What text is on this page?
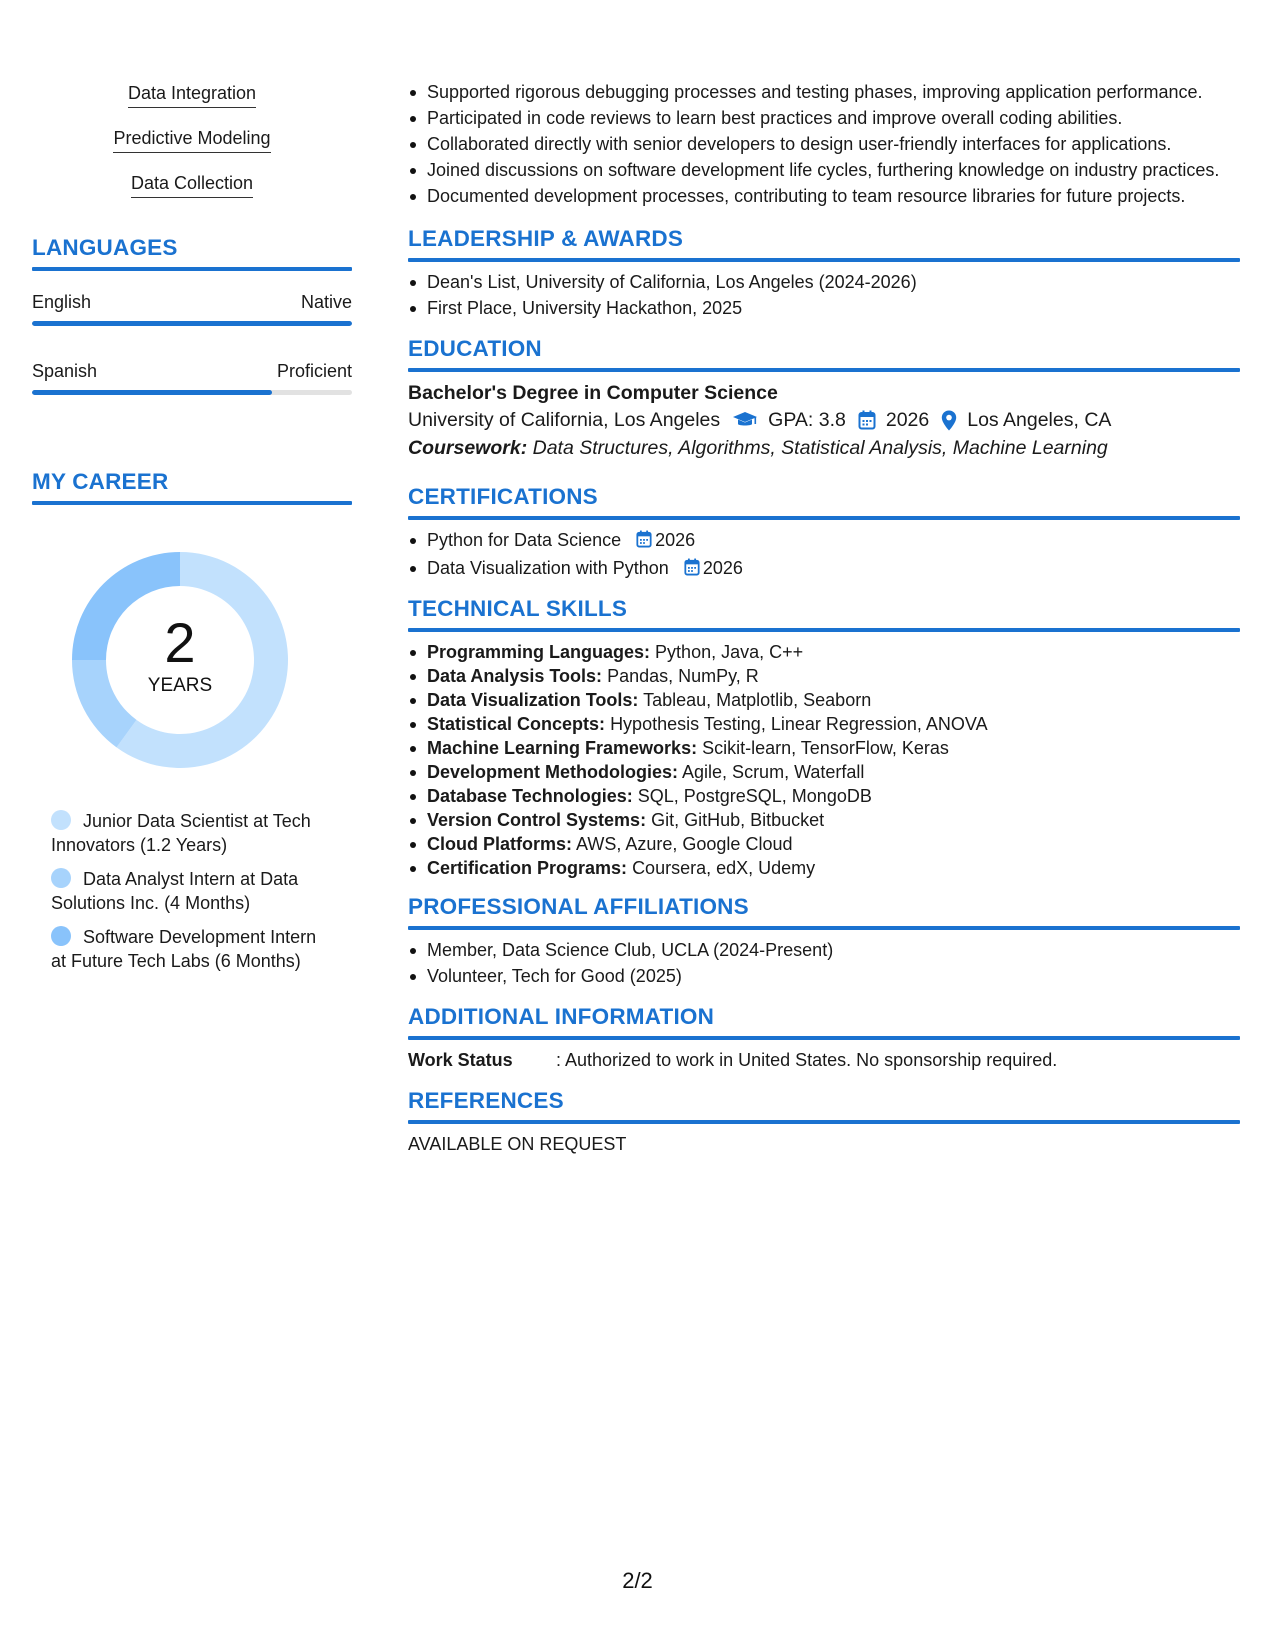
Data Integration
Predictive Modeling
Data Collection
LANGUAGES
English	Native
Spanish	Proficient
MY CAREER
2
YEARS
Junior Data Scientist at Tech Innovators (1.2 Years)
Data Analyst Intern at Data Solutions Inc. (4 Months)
Software Development Intern at Future Tech Labs (6 Months)
Supported rigorous debugging processes and testing phases, improving application performance.
Participated in code reviews to learn best practices and improve overall coding abilities.
Collaborated directly with senior developers to design user-friendly interfaces for applications.
Joined discussions on software development life cycles, furthering knowledge on industry practices.
Documented development processes, contributing to team resource libraries for future projects.
LEADERSHIP & AWARDS
Dean's List, University of California, Los Angeles (2024-2026)
First Place, University Hackathon, 2025
EDUCATION
Bachelor's Degree in Computer Science
University of California, Los Angeles GPA: 3.8 2026 Los Angeles, CA
Coursework: Data Structures, Algorithms, Statistical Analysis, Machine Learning
CERTIFICATIONS
Python for Data Science 2026
Data Visualization with Python 2026
TECHNICAL SKILLS
Programming Languages: Python, Java, C++
Data Analysis Tools: Pandas, NumPy, R
Data Visualization Tools: Tableau, Matplotlib, Seaborn
Statistical Concepts: Hypothesis Testing, Linear Regression, ANOVA
Machine Learning Frameworks: Scikit-learn, TensorFlow, Keras
Development Methodologies: Agile, Scrum, Waterfall
Database Technologies: SQL, PostgreSQL, MongoDB
Version Control Systems: Git, GitHub, Bitbucket
Cloud Platforms: AWS, Azure, Google Cloud
Certification Programs: Coursera, edX, Udemy
PROFESSIONAL AFFILIATIONS
Member, Data Science Club, UCLA (2024-Present)
Volunteer, Tech for Good (2025)
ADDITIONAL INFORMATION
Work Status	: Authorized to work in United States. No sponsorship required.
REFERENCES
AVAILABLE ON REQUEST
2/2
